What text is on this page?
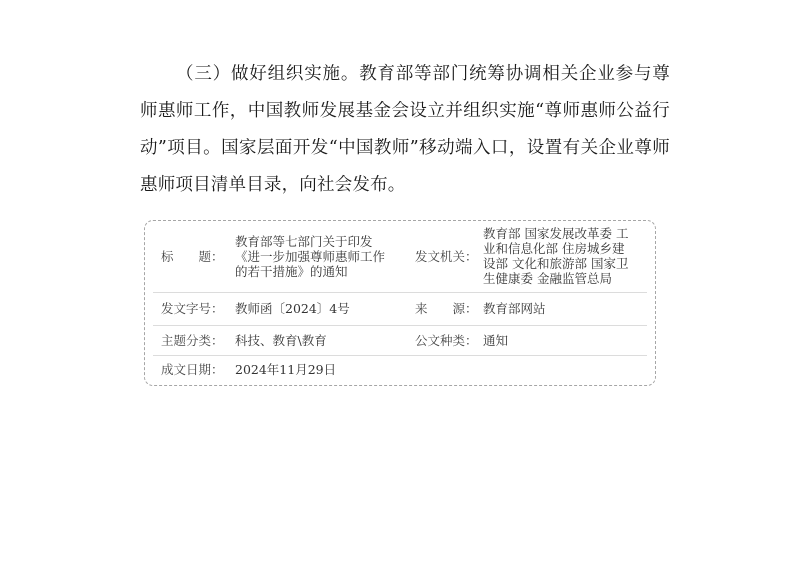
（三）做好组织实施。教育部等部门统筹协调相关企业参与尊师惠师工作，中国教师发展基金会设立并组织实施“尊师惠师公益行动”项目。国家层面开发“中国教师”移动端入口，设置有关企业尊师惠师项目清单目录，向社会发布。
标　　题：
教育部等七部门关于印发
《进一步加强尊师惠师工作
的若干措施》的通知
发文机关：
教育部 国家发展改革委 工
业和信息化部 住房城乡建
设部 文化和旅游部 国家卫
生健康委 金融监管总局
发文字号： 教师函〔2024〕4号	来　　源： 教育部网站
主题分类： 科技、教育\教育	公文种类： 通知
成文日期： 2024年11月29日
